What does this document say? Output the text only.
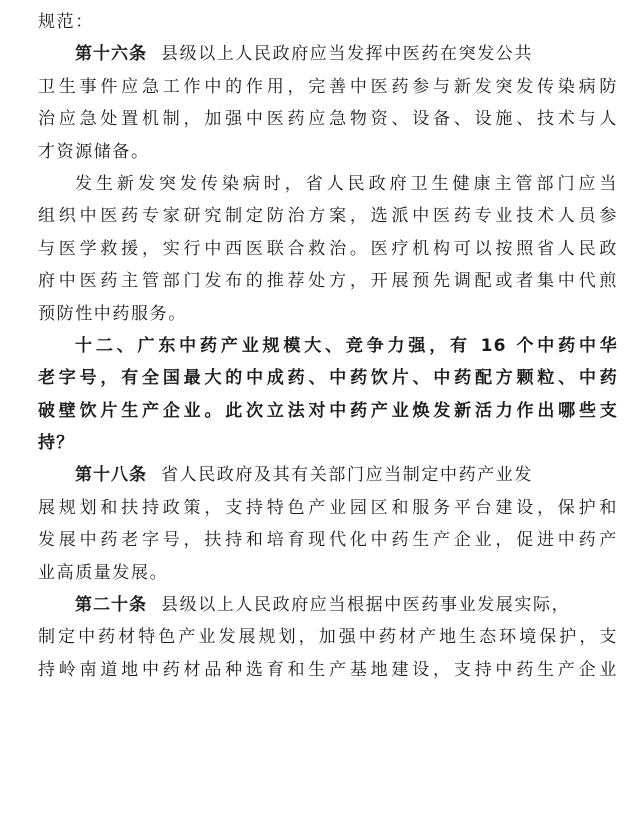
规范：
第十六条 县级以上人民政府应当发挥中医药在突发公共
卫生事件应急工作中的作用，完善中医药参与新发突发传染病防
治应急处置机制，加强中医药应急物资、设备、设施、技术与人
才资源储备。
发生新发突发传染病时，省人民政府卫生健康主管部门应当
组织中医药专家研究制定防治方案，选派中医药专业技术人员参
与医学救援，实行中西医联合救治。医疗机构可以按照省人民政
府中医药主管部门发布的推荐处方，开展预先调配或者集中代煎
预防性中药服务。
十二、广东中药产业规模大、竞争力强，有 16 个中药中华
老字号，有全国最大的中成药、中药饮片、中药配方颗粒、中药
破壁饮片生产企业。此次立法对中药产业焕发新活力作出哪些支
持？
第十八条 省人民政府及其有关部门应当制定中药产业发
展规划和扶持政策，支持特色产业园区和服务平台建设，保护和
发展中药老字号，扶持和培育现代化中药生产企业，促进中药产
业高质量发展。
第二十条 县级以上人民政府应当根据中医药事业发展实际，
制定中药材特色产业发展规划，加强中药材产地生态环境保护，支
持岭南道地中药材品种选育和生产基地建设，支持中药生产企业
